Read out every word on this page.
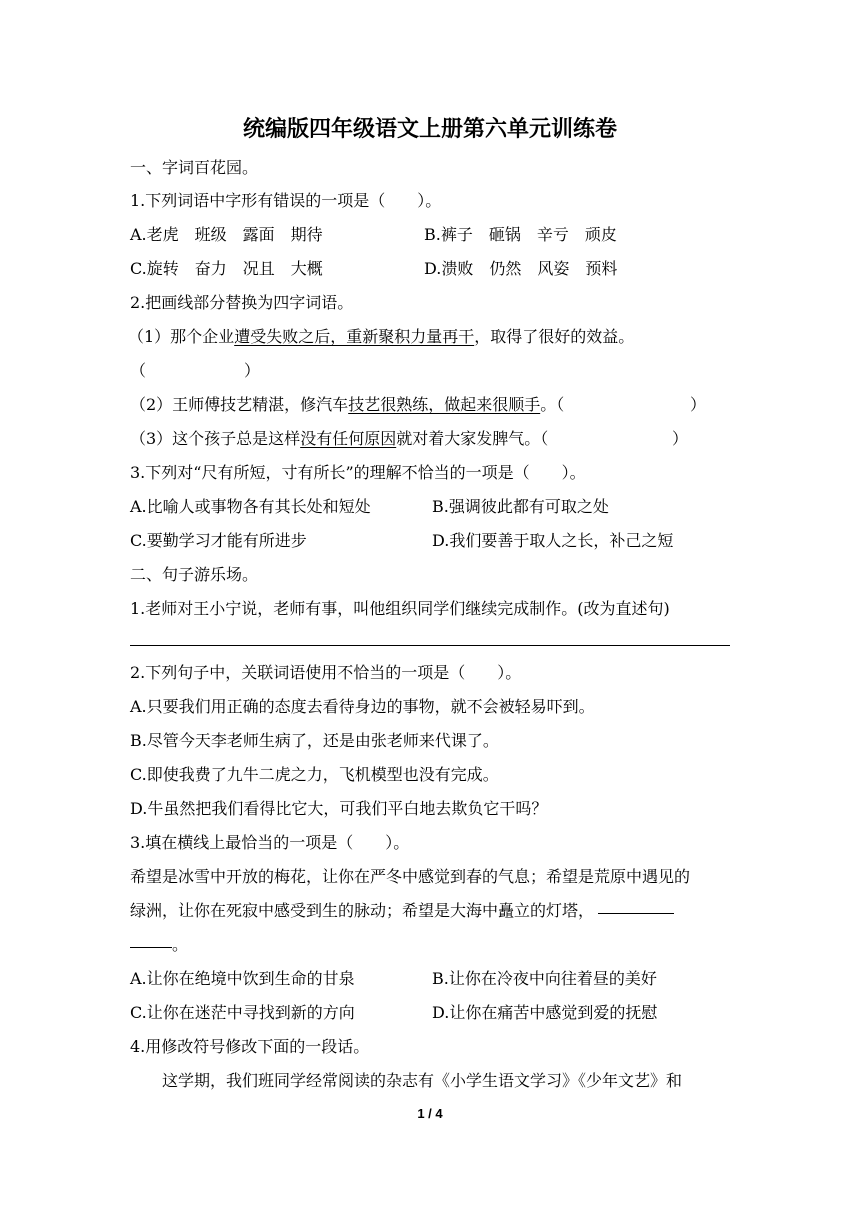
统编版四年级语文上册第六单元训练卷
一、字词百花园。
1.下列词语中字形有错误的一项是（　　）。
A.老虎　班级　露面　期待	B.裤子　砸锅　辛亏　顽皮
C.旋转　奋力　况且　大概	D.溃败　仍然　风姿　预料
2.把画线部分替换为四字词语。
（1）那个企业遭受失败之后，重新聚积力量再干，取得了很好的效益。
（	）
（2）王师傅技艺精湛，修汽车技艺很熟练，做起来很顺手。（	）
（3）这个孩子总是这样没有任何原因就对着大家发脾气。（	）
3.下列对“尺有所短，寸有所长”的理解不恰当的一项是（　　）。
A.比喻人或事物各有其长处和短处	B.强调彼此都有可取之处
C.要勤学习才能有所进步	D.我们要善于取人之长，补己之短
二、句子游乐场。
1.老师对王小宁说，老师有事，叫他组织同学们继续完成制作。(改为直述句)
2.下列句子中，关联词语使用不恰当的一项是（　　）。
A.只要我们用正确的态度去看待身边的事物，就不会被轻易吓到。
B.尽管今天李老师生病了，还是由张老师来代课了。
C.即使我费了九牛二虎之力，飞机模型也没有完成。
D.牛虽然把我们看得比它大，可我们平白地去欺负它干吗？
3.填在横线上最恰当的一项是（　　）。
希望是冰雪中开放的梅花，让你在严冬中感觉到春的气息；希望是荒原中遇见的
绿洲，让你在死寂中感受到生的脉动；希望是大海中矗立的灯塔，
。
A.让你在绝境中饮到生命的甘泉	B.让你在冷夜中向往着昼的美好
C.让你在迷茫中寻找到新的方向	D.让你在痛苦中感觉到爱的抚慰
4.用修改符号修改下面的一段话。
　　这学期，我们班同学经常阅读的杂志有《小学生语文学习》《少年文艺》和
1 / 4
